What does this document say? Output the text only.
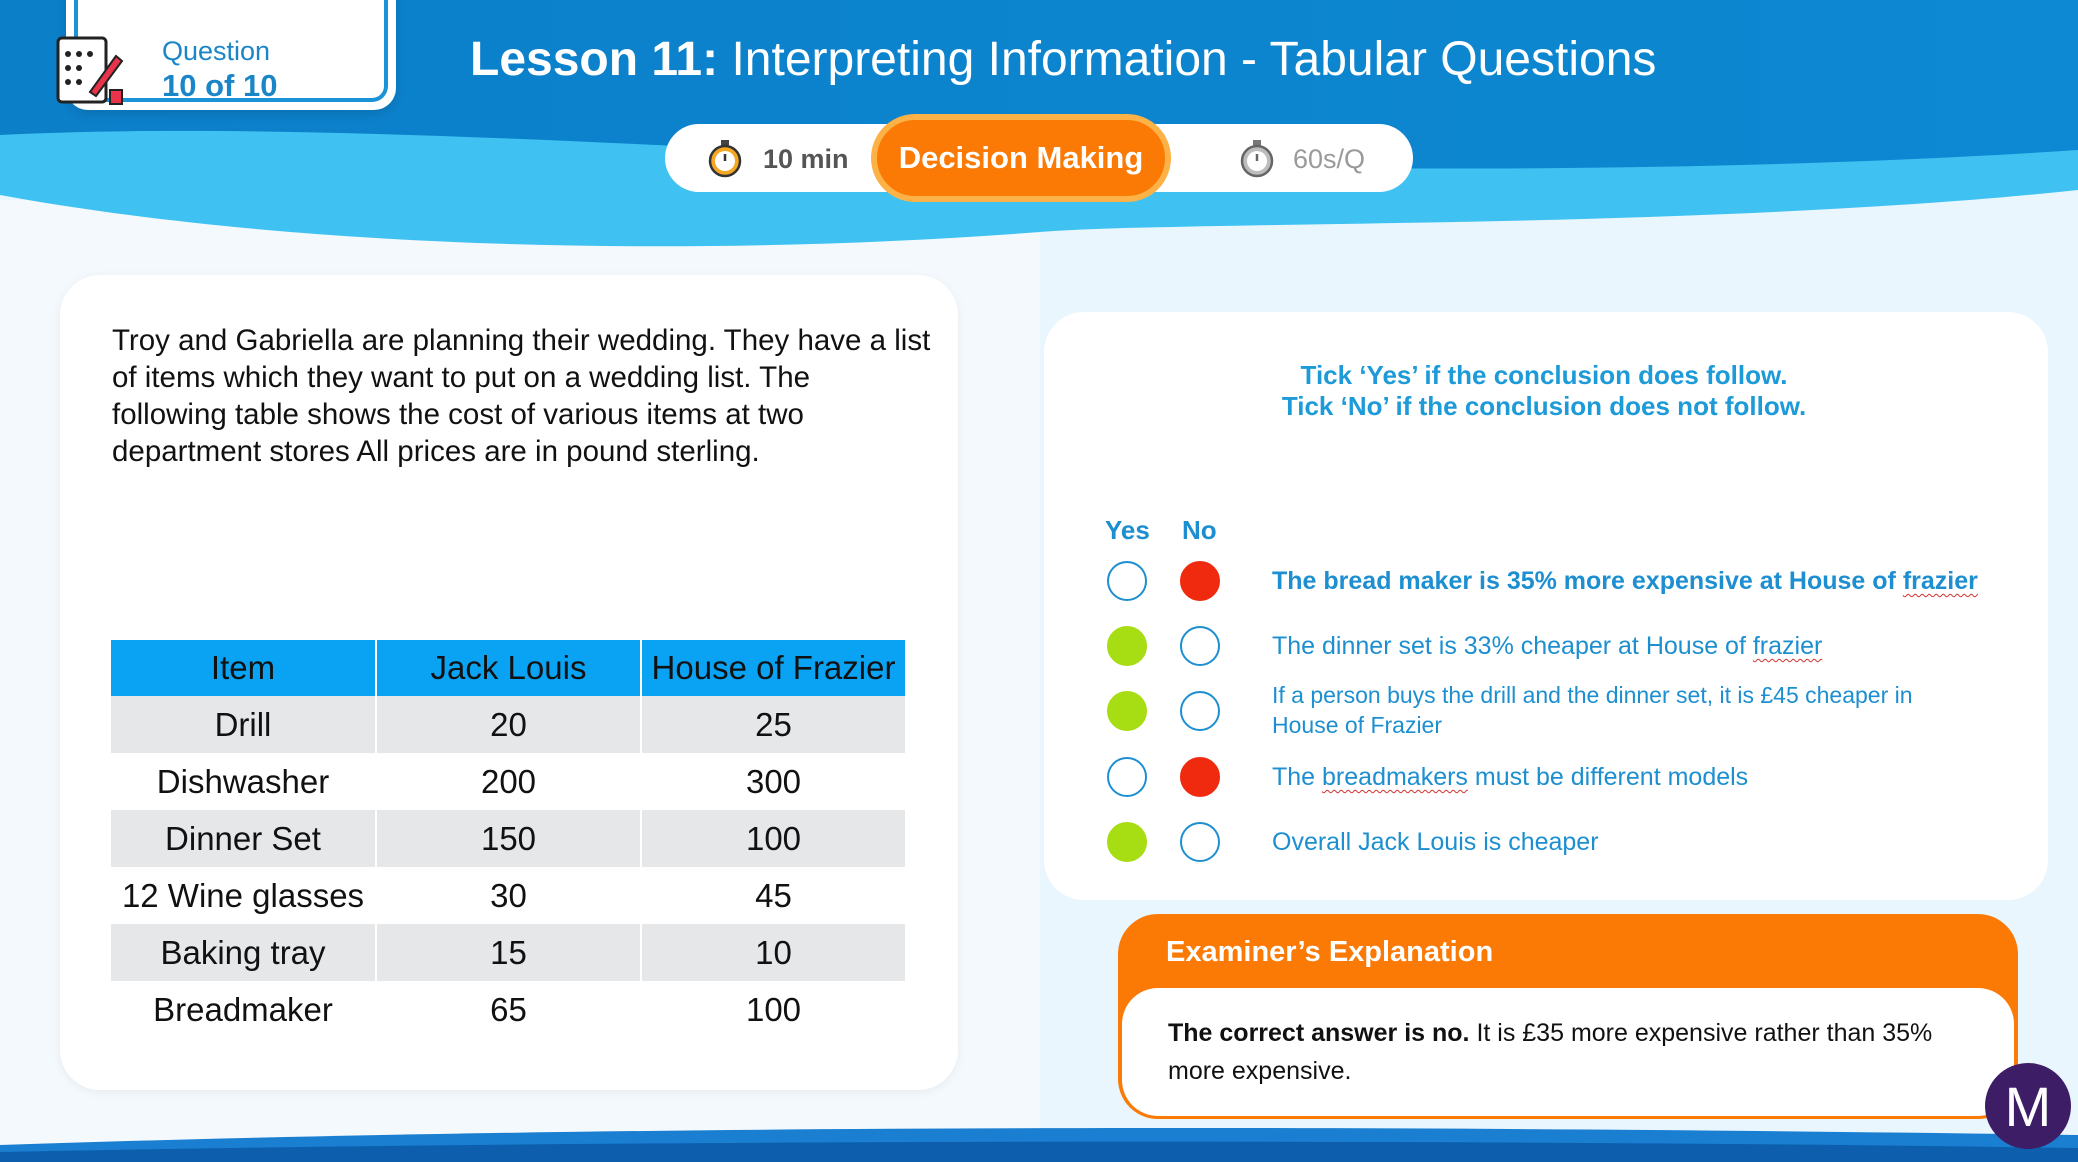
Question
10 of 10	Lesson 11: Interpreting Information - Tabular Questions
10 min	Decision Making	60s/Q
Troy and Gabriella are planning their wedding. They have a list of items which they want to put on a wedding list. The following table shows the cost of various items at two department stores All prices are in pound sterling.
Item	Jack Louis	House of Frazier
Drill	20	25
Dishwasher	200	300
Dinner Set	150	100
12 Wine glasses	30	45
Baking tray	15	10
Breadmaker	65	100
Tick ‘Yes’ if the conclusion does follow.
Tick ‘No’ if the conclusion does not follow.
Yes No
The bread maker is 35% more expensive at House of frazier
The dinner set is 33% cheaper at House of frazier
If a person buys the drill and the dinner set, it is £45 cheaper in House of Frazier
The breadmakers must be different models
Overall Jack Louis is cheaper
Examiner’s Explanation
The correct answer is no. It is £35 more expensive rather than 35% more expensive.
M
